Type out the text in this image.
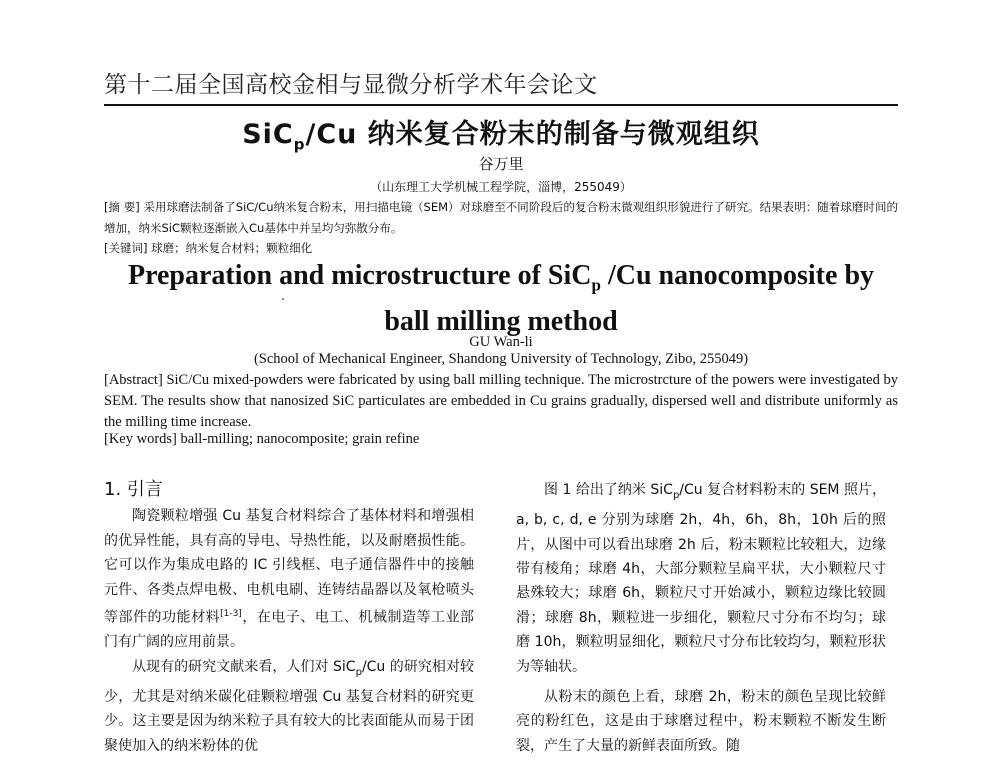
第十二届全国高校金相与显微分析学术年会论文
SiC$_p$/Cu 纳米复合粉末的制备与微观组织
谷万里
（山东理工大学机械工程学院，淄博，255049）
[摘 要] 采用球磨法制备了SiC/Cu纳米复合粉末，用扫描电镜（SEM）对球磨至不同阶段后的复合粉末微观组织形貌进行了研究。结果表明：随着球磨时间的增加，纳米SiC颗粒逐渐嵌入Cu基体中并呈均匀弥散分布。
[关键词] 球磨；纳米复合材料；颗粒细化
Preparation and microstructure of SiC$_p$ /Cu nanocomposite by ball milling method
GU Wan-li
(School of Mechanical Engineer, Shandong University of Technology, Zibo, 255049)
[Abstract] SiC/Cu mixed-powders were fabricated by using ball milling technique. The microstrcture of the powers were investigated by SEM. The results show that nanosized SiC particulates are embedded in Cu grains gradually, dispersed well and distribute uniformly as the milling time increase.
[Key words] ball-milling; nanocomposite; grain refine
1. 引言

陶瓷颗粒增强 Cu 基复合材料综合了基体材料和增强相的优异性能，具有高的导电、导热性能，以及耐磨损性能。它可以作为集成电路的 IC 引线框、电子通信器件中的接触元件、各类点焊电极、电机电刷、连铸结晶器以及氧枪喷头等部件的功能材料[1-3]，在电子、电工、机械制造等工业部门有广阔的应用前景。

从现有的研究文献来看，人们对 SiC$_p$/Cu 的研究相对较少，尤其是对纳米碳化硅颗粒增强 Cu 基复合材料的研究更少。这主要是因为纳米粒子具有较大的比表面能从而易于团聚使加入的纳米粉体的优

图 1 给出了纳米 SiC$_p$/Cu 复合材料粉末的 SEM 照片，a, b, c, d, e 分别为球磨 2h，4h，6h，8h，10h 后的照片，从图中可以看出球磨 2h 后，粉末颗粒比较粗大，边缘带有棱角；球磨 4h，大部分颗粒呈扁平状，大小颗粒尺寸悬殊较大；球磨 6h，颗粒尺寸开始减小，颗粒边缘比较圆滑；球磨 8h，颗粒进一步细化，颗粒尺寸分布不均匀；球磨 10h，颗粒明显细化，颗粒尺寸分布比较均匀，颗粒形状为等轴状。

从粉末的颜色上看，球磨 2h，粉末的颜色呈现比较鲜亮的粉红色，这是由于球磨过程中，粉末颗粒不断发生断裂，产生了大量的新鲜表面所致。随
